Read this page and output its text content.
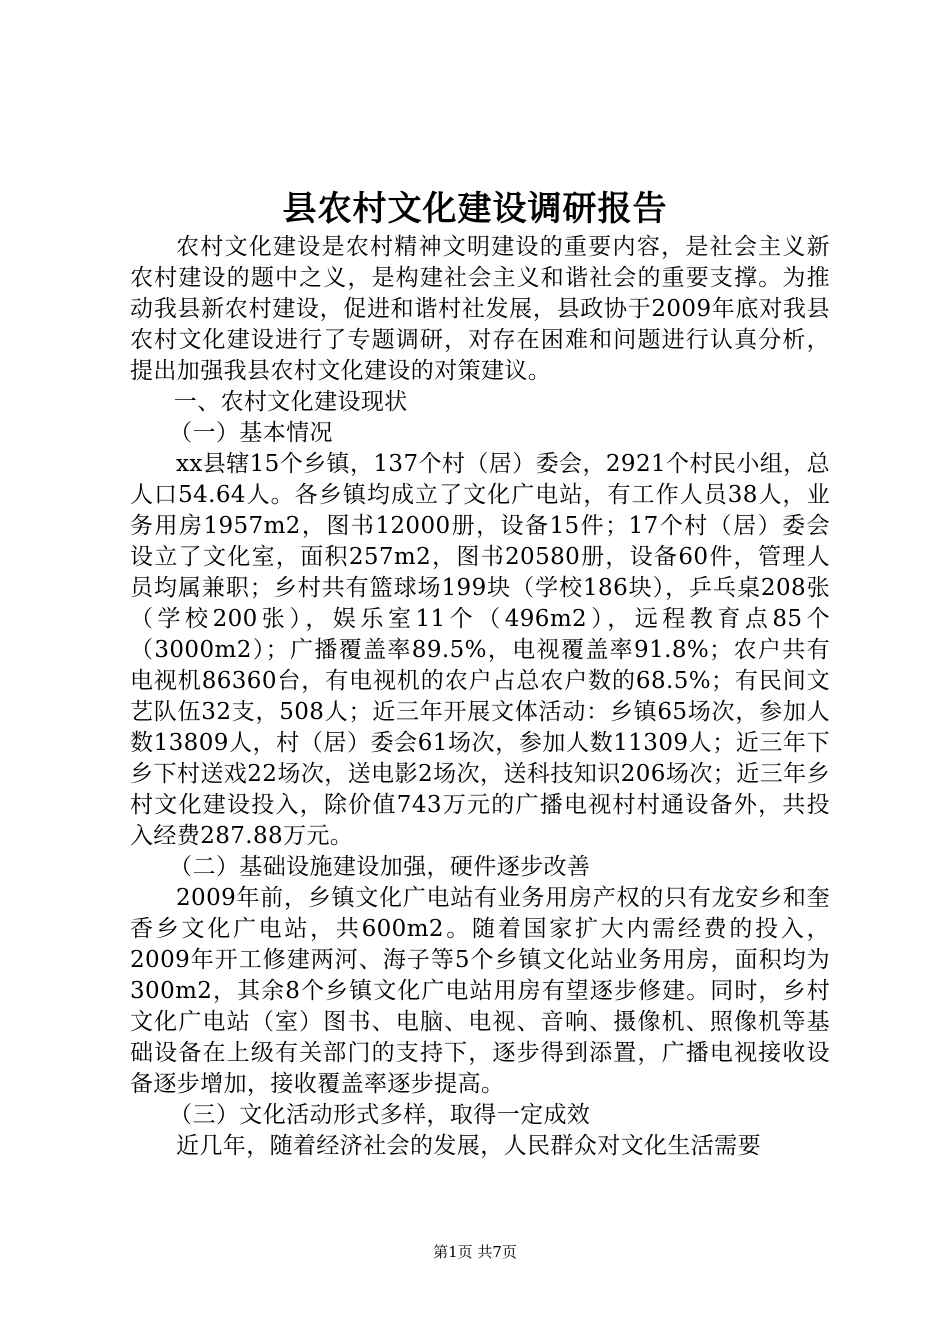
县农村文化建设调研报告

农村文化建设是农村精神文明建设的重要内容，是社会主义新农村建设的题中之义，是构建社会主义和谐社会的重要支撑。为推动我县新农村建设，促进和谐村社发展，县政协于2009年底对我县农村文化建设进行了专题调研，对存在困难和问题进行认真分析，提出加强我县农村文化建设的对策建议。

一、农村文化建设现状

（一）基本情况

xx县辖15个乡镇，137个村（居）委会，2921个村民小组，总人口54.64人。各乡镇均成立了文化广电站，有工作人员38人，业务用房1957m2，图书12000册，设备15件；17个村（居）委会设立了文化室，面积257m2，图书20580册，设备60件，管理人员均属兼职；乡村共有篮球场199块（学校186块），乒乓桌208张（学校200张），娱乐室11个（496m2），远程教育点85个（3000m2）；广播覆盖率89.5%，电视覆盖率91.8%；农户共有电视机86360台，有电视机的农户占总农户数的68.5%；有民间文艺队伍32支，508人；近三年开展文体活动：乡镇65场次，参加人数13809人，村（居）委会61场次，参加人数11309人；近三年下乡下村送戏22场次，送电影2场次，送科技知识206场次；近三年乡村文化建设投入，除价值743万元的广播电视村村通设备外，共投入经费287.88万元。

（二）基础设施建设加强，硬件逐步改善

2009年前，乡镇文化广电站有业务用房产权的只有龙安乡和奎香乡文化广电站，共600m2。随着国家扩大内需经费的投入，2009年开工修建两河、海子等5个乡镇文化站业务用房，面积均为300m2，其余8个乡镇文化广电站用房有望逐步修建。同时，乡村文化广电站（室）图书、电脑、电视、音响、摄像机、照像机等基础设备在上级有关部门的支持下，逐步得到添置，广播电视接收设备逐步增加，接收覆盖率逐步提高。

（三）文化活动形式多样，取得一定成效

近几年，随着经济社会的发展，人民群众对文化生活需要

第1页 共7页
